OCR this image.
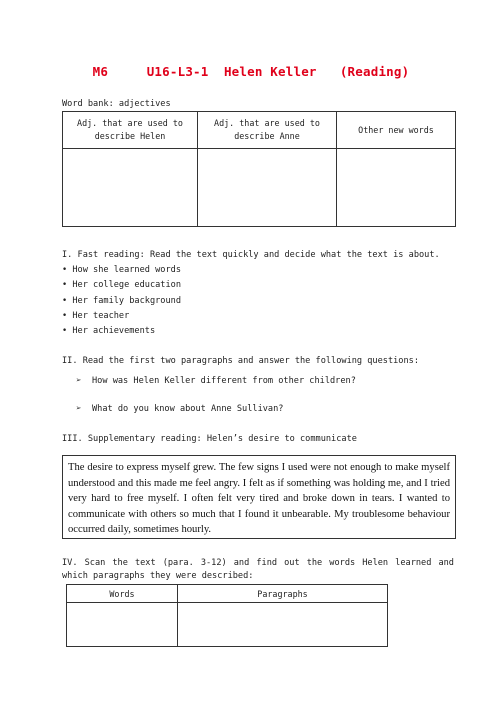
M6     U16-L3-1  Helen Keller   (Reading)
Word bank: adjectives
Adj. that are used to describe Helen	Adj. that are used to describe Anne	Other new words

I. Fast reading: Read the text quickly and decide what the text is about.

• How she learned words

• Her college education

• Her family background

• Her teacher

• Her achievements

II. Read the first two paragraphs and answer the following questions:
➢ How was Helen Keller different from other children?
➢ What do you know about Anne Sullivan?
III. Supplementary reading: Helen’s desire to communicate
The desire to express myself grew. The few signs I used were not enough to make myself understood and this made me feel angry. I felt as if something was holding me, and I tried very hard to free myself. I often felt very tired and broke down in tears. I wanted to communicate with others so much that I found it unbearable. My troublesome behaviour occurred daily, sometimes hourly.
IV. Scan the text (para. 3-12) and find out the words Helen learned and which paragraphs they were described:
Words	Paragraphs
